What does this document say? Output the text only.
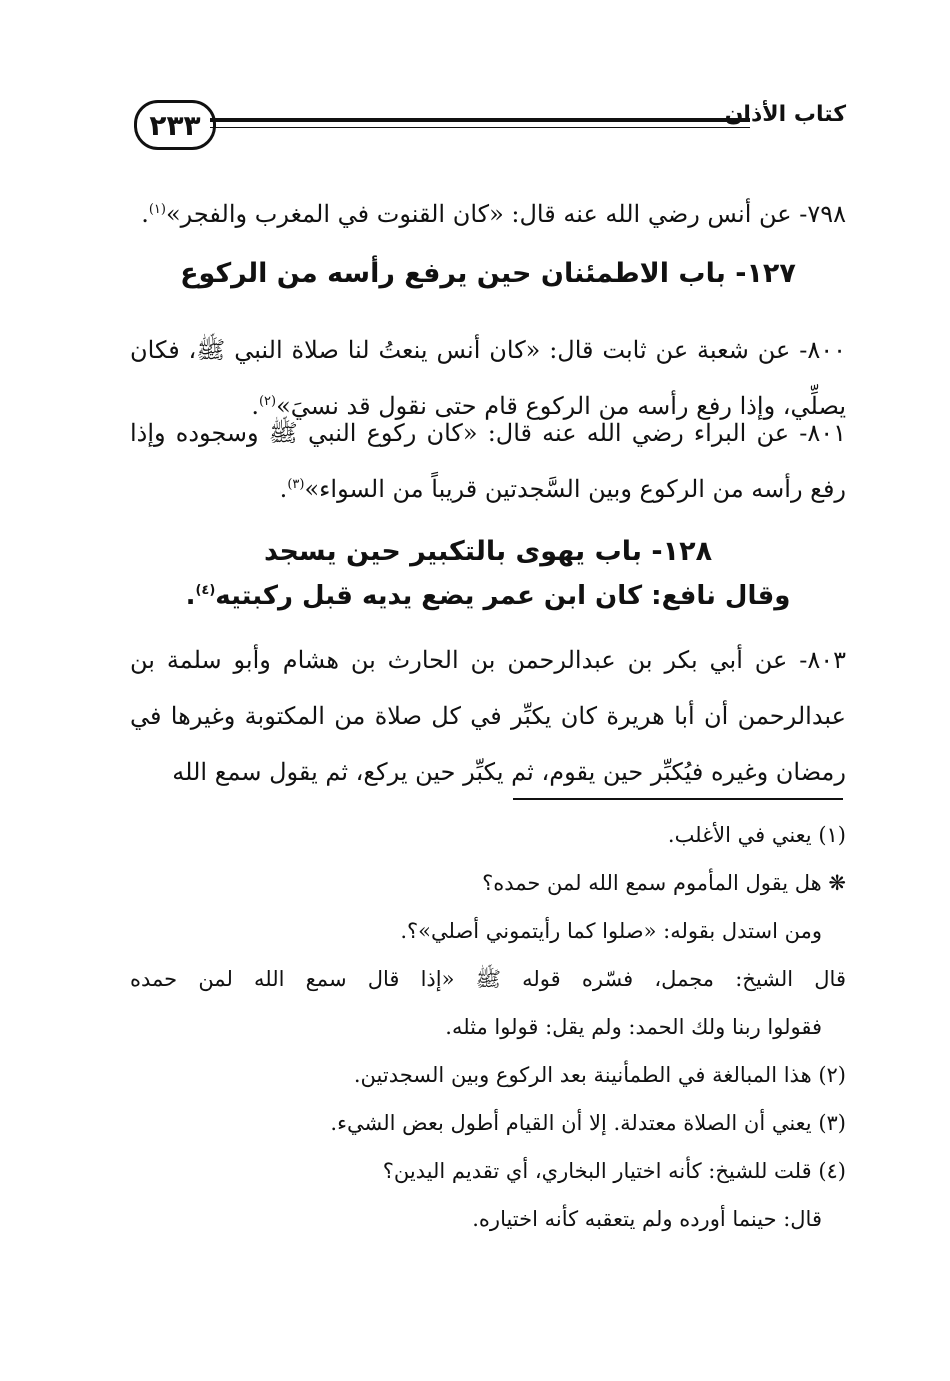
٢٣٣	كتاب الأذان
٧٩٨- عن أنس رضي الله عنه قال: «كان القنوت في المغرب والفجر»$^{(١)}$.
١٢٧- باب الاطمئنان حين يرفع رأسه من الركوع
٨٠٠- عن شعبة عن ثابت قال: «كان أنس ينعتُ لنا صلاة النبي ﷺ، فكان يصلِّي، وإذا رفع رأسه من الركوع قام حتى نقول قد نسيَ»$^{(٢)}$.
٨٠١- عن البراء رضي الله عنه قال: «كان ركوع النبي ﷺ وسجوده وإذا رفع رأسه من الركوع وبين السَّجدتين قريباً من السواء»$^{(٣)}$.
١٢٨- باب يهوى بالتكبير حين يسجد
وقال نافع: كان ابن عمر يضع يديه قبل ركبتيه$^{(٤)}$.
٨٠٣- عن أبي بكر بن عبدالرحمن بن الحارث بن هشام وأبو سلمة بن عبدالرحمن أن أبا هريرة كان يكبِّر في كل صلاة من المكتوبة وغيرها في رمضان وغيره فيُكبِّر حين يقوم، ثم يكبِّر حين يركع، ثم يقول سمع الله
(١) يعني في الأغلب.
❋ هل يقول المأموم سمع الله لمن حمده؟
ومن استدل بقوله: «صلوا كما رأيتموني أصلي»؟.
قال الشيخ: مجمل، فسّره قوله ﷺ «إذا قال سمع الله لمن حمده
فقولوا ربنا ولك الحمد: ولم يقل: قولوا مثله.
(٢) هذا المبالغة في الطمأنينة بعد الركوع وبين السجدتين.
(٣) يعني أن الصلاة معتدلة. إلا أن القيام أطول بعض الشيء.
(٤) قلت للشيخ: كأنه اختيار البخاري، أي تقديم اليدين؟
قال: حينما أورده ولم يتعقبه كأنه اختياره.
